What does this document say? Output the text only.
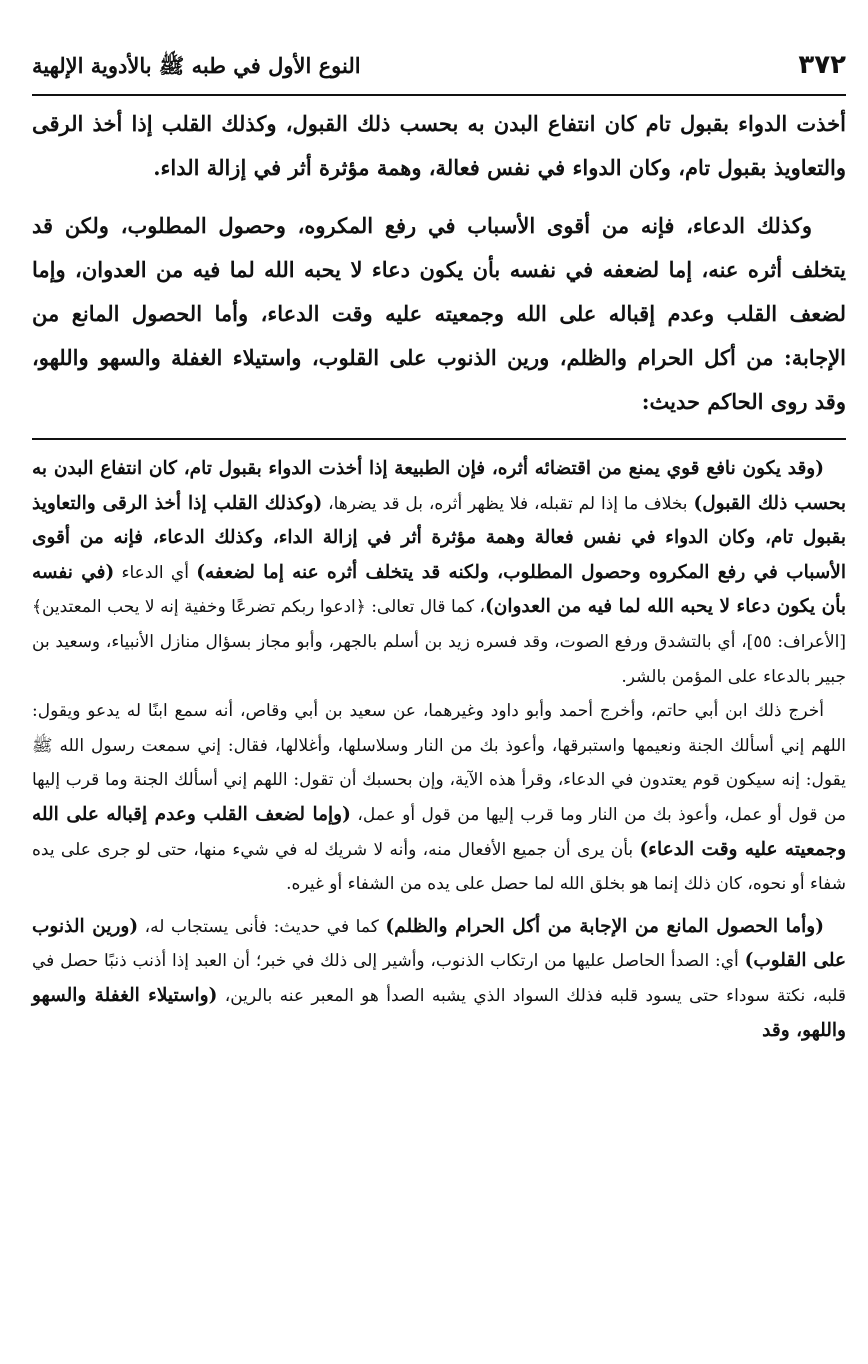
٣٧٢
النوع الأول في طبه ﷺ بالأدوية الإلهية

أخذت الدواء بقبول تام كان انتفاع البدن به بحسب ذلك القبول، وكذلك القلب إذا أخذ الرقى والتعاويذ بقبول تام، وكان الدواء في نفس فعالة، وهمة مؤثرة أثر في إزالة الداء.

وكذلك الدعاء، فإنه من أقوى الأسباب في رفع المكروه، وحصول المطلوب، ولكن قد يتخلف أثره عنه، إما لضعفه في نفسه بأن يكون دعاء لا يحبه الله لما فيه من العدوان، وإما لضعف القلب وعدم إقباله على الله وجمعيته عليه وقت الدعاء، وأما الحصول المانع من الإجابة: من أكل الحرام والظلم، ورين الذنوب على القلوب، واستيلاء الغفلة والسهو واللهو، وقد روى الحاكم حديث:

(وقد يكون نافع قوي يمنع من اقتضائه أثره، فإن الطبيعة إذا أخذت الدواء بقبول تام، كان انتفاع البدن به بحسب ذلك القبول) بخلاف ما إذا لم تقبله، فلا يظهر أثره، بل قد يضرها، (وكذلك القلب إذا أخذ الرقى والتعاويذ بقبول تام، وكان الدواء في نفس فعالة وهمة مؤثرة أثر في إزالة الداء، وكذلك الدعاء، فإنه من أقوى الأسباب في رفع المكروه وحصول المطلوب، ولكنه قد يتخلف أثره عنه إما لضعفه) أي الدعاء (في نفسه بأن يكون دعاء لا يحبه الله لما فيه من العدوان)، كما قال تعالى: ﴿ادعوا ربكم تضرعًا وخفية إنه لا يحب المعتدين﴾ [الأعراف: ٥٥]، أي بالتشدق ورفع الصوت، وقد فسره زيد بن أسلم بالجهر، وأبو مجاز بسؤال منازل الأنبياء، وسعيد بن جبير بالدعاء على المؤمن بالشر.

أخرج ذلك ابن أبي حاتم، وأخرج أحمد وأبو داود وغيرهما، عن سعيد بن أبي وقاص، أنه سمع ابنًا له يدعو ويقول: اللهم إني أسألك الجنة ونعيمها واستبرقها، وأعوذ بك من النار وسلاسلها، وأغلالها، فقال: إني سمعت رسول الله ﷺ يقول: إنه سيكون قوم يعتدون في الدعاء، وقرأ هذه الآية، وإن بحسبك أن تقول: اللهم إني أسألك الجنة وما قرب إليها من قول أو عمل، وأعوذ بك من النار وما قرب إليها من قول أو عمل، (وإما لضعف القلب وعدم إقباله على الله وجمعيته عليه وقت الدعاء) بأن يرى أن جميع الأفعال منه، وأنه لا شريك له في شيء منها، حتى لو جرى على يده شفاء أو نحوه، كان ذلك إنما هو بخلق الله لما حصل على يده من الشفاء أو غيره.

(وأما الحصول المانع من الإجابة من أكل الحرام والظلم) كما في حديث: فأنى يستجاب له، (ورين الذنوب على القلوب) أي: الصدأ الحاصل عليها من ارتكاب الذنوب، وأشير إلى ذلك في خبر؛ أن العبد إذا أذنب ذنبًا حصل في قلبه، نكتة سوداء حتى يسود قلبه فذلك السواد الذي يشبه الصدأ هو المعبر عنه بالرين، (واستيلاء الغفلة والسهو واللهو، وقد
